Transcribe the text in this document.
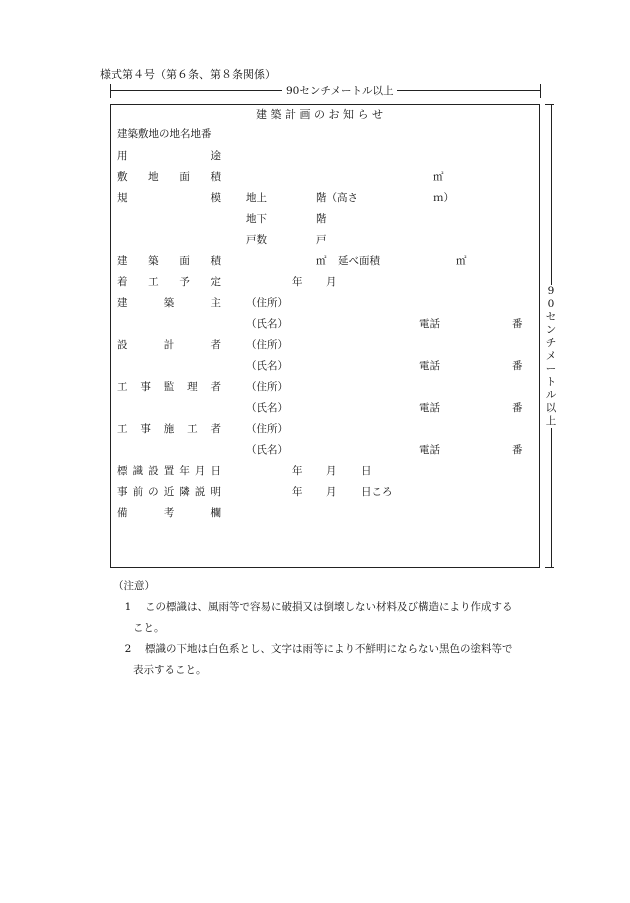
様式第４号（第６条、第８条関係）
90センチメートル以上
9
0
セ
ン
チ
メ
ー
ト
ル
以
上
建 築 計 画 の お 知 ら せ
建築敷地の地名地番
用	途
敷 地 面 積	㎡
規	模 地上	階（高さ	ｍ）
地下	階
戸数	戸
建 築 面 積	㎡ 延べ面積	㎡
着 工 予 定	年 月
建	築	主 （住所）
（氏名）	電話	番
設	計	者 （住所）
（氏名）	電話	番
工 事 監 理 者 （住所）
（氏名）	電話	番
工 事 施 工 者 （住所）
（氏名）	電話	番
標 識 設 置 年 月 日	年 月 日
事 前 の 近 隣 説 明	年 月 日ころ
備	考	欄
（注意）
1 この標識は、風雨等で容易に破損又は倒壊しない材料及び構造により作成する
こと。
2 標識の下地は白色系とし、文字は雨等により不鮮明にならない黒色の塗料等で
表示すること。
